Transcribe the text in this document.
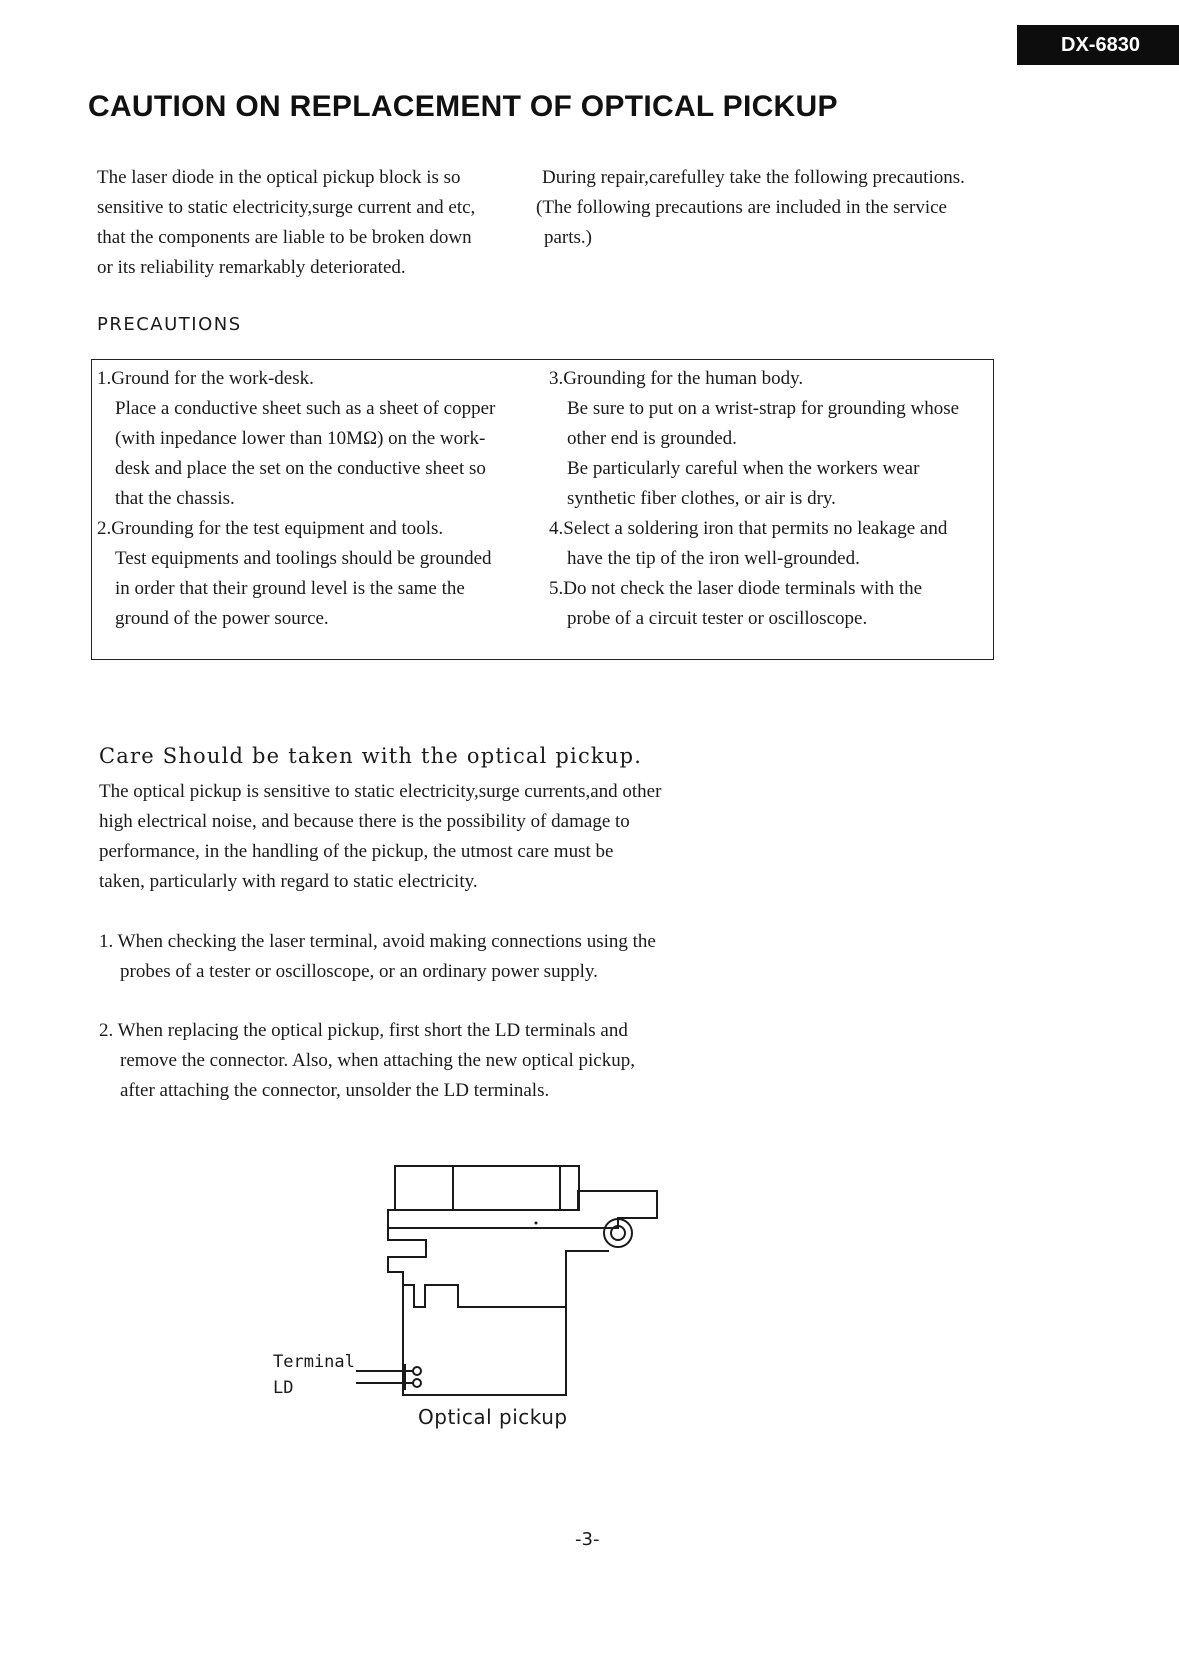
DX-6830
CAUTION ON REPLACEMENT OF OPTICAL PICKUP
The laser diode in the optical pickup block is so
sensitive to static electricity,surge current and etc,
that the components are liable to be broken down
or its reliability remarkably deteriorated.
During repair,carefulley take the following precautions.
(The following precautions are included in the service
parts.)
PRECAUTIONS
1.Ground for the work-desk.
Place a conductive sheet such as a sheet of copper
(with inpedance lower than 10MΩ) on the work-
desk and place the set on the conductive sheet so
that the chassis.
2.Grounding for the test equipment and tools.
Test equipments and toolings should be grounded
in order that their ground level is the same the
ground of the power source.
3.Grounding for the human body.
Be sure to put on a wrist-strap for grounding whose
other end is grounded.
Be particularly careful when the workers wear
synthetic fiber clothes, or air is dry.
4.Select a soldering iron that permits no leakage and
have the tip of the iron well-grounded.
5.Do not check the laser diode terminals with the
probe of a circuit tester or oscilloscope.
Care Should be taken with the optical pickup.
The optical pickup is sensitive to static electricity,surge currents,and other
high electrical noise, and because there is the possibility of damage to
performance, in the handling of the pickup, the utmost care must be
taken, particularly with regard to static electricity.
1. When checking the laser terminal, avoid making connections using the
probes of a tester or oscilloscope, or an ordinary power supply.
2. When replacing the optical pickup, first short the LD terminals and
remove the connector. Also, when attaching the new optical pickup,
after attaching the connector, unsolder the LD terminals.
Terminal
LD
Optical pickup
-3-
